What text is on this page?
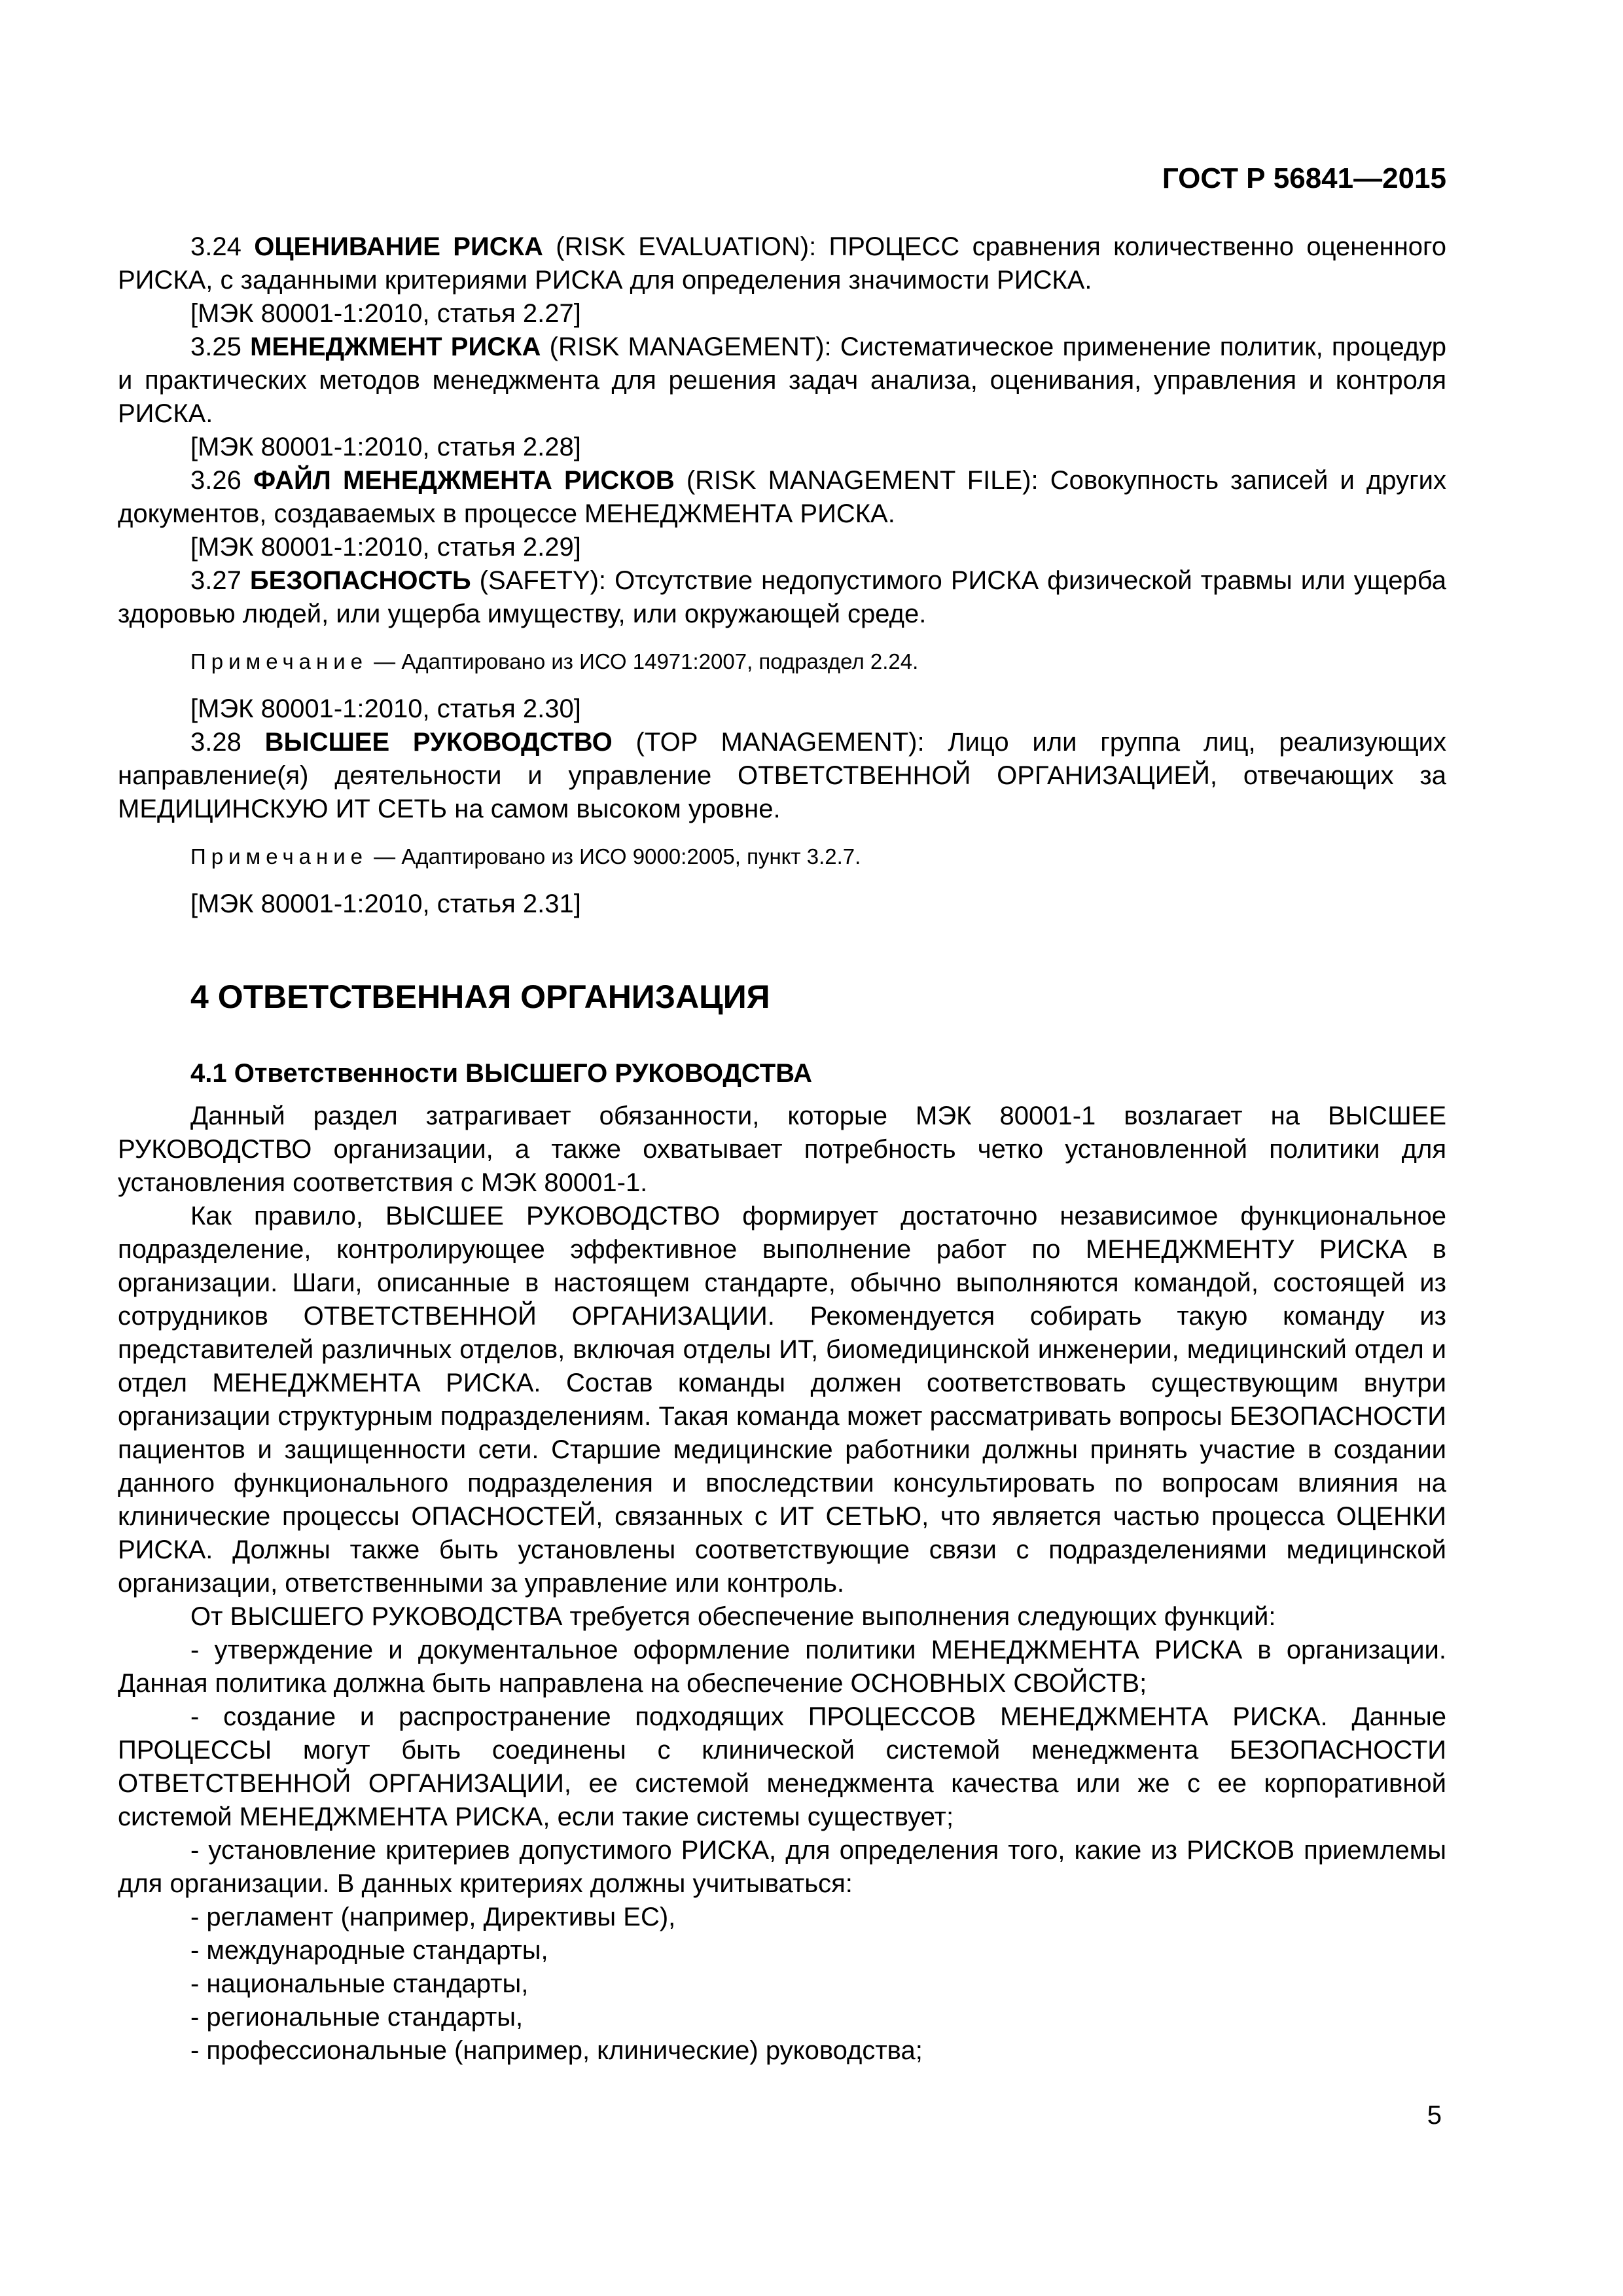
ГОСТ Р 56841—2015

3.24 ОЦЕНИВАНИЕ РИСКА (RISK EVALUATION): ПРОЦЕСС сравнения количественно оцененного РИСКА, с заданными критериями РИСКА для определения значимости РИСКА.

[МЭК 80001-1:2010, статья 2.27]

3.25 МЕНЕДЖМЕНТ РИСКА (RISK MANAGEMENT): Систематическое применение политик, процедур и практических методов менеджмента для решения задач анализа, оценивания, управления и контроля РИСКА.

[МЭК 80001-1:2010, статья 2.28]

3.26 ФАЙЛ МЕНЕДЖМЕНТА РИСКОВ (RISK MANAGEMENT FILE): Совокупность записей и других документов, создаваемых в процессе МЕНЕДЖМЕНТА РИСКА.

[МЭК 80001-1:2010, статья 2.29]

3.27 БЕЗОПАСНОСТЬ (SAFETY): Отсутствие недопустимого РИСКА физической травмы или ущерба здоровью людей, или ущерба имуществу, или окружающей среде.

Примечание — Адаптировано из ИСО 14971:2007, подраздел 2.24.

[МЭК 80001-1:2010, статья 2.30]

3.28 ВЫСШЕЕ РУКОВОДСТВО (TOP MANAGEMENT): Лицо или группа лиц, реализующих направление(я) деятельности и управление ОТВЕТСТВЕННОЙ ОРГАНИЗАЦИЕЙ, отвечающих за МЕДИЦИНСКУЮ ИТ СЕТЬ на самом высоком уровне.

Примечание — Адаптировано из ИСО 9000:2005, пункт 3.2.7.

[МЭК 80001-1:2010, статья 2.31]

4 ОТВЕТСТВЕННАЯ ОРГАНИЗАЦИЯ
4.1 Ответственности ВЫСШЕГО РУКОВОДСТВА

Данный раздел затрагивает обязанности, которые МЭК 80001-1 возлагает на ВЫСШЕЕ РУКОВОДСТВО организации, а также охватывает потребность четко установленной политики для установления соответствия с МЭК 80001-1.

Как правило, ВЫСШЕЕ РУКОВОДСТВО формирует достаточно независимое функциональное подразделение, контролирующее эффективное выполнение работ по МЕНЕДЖМЕНТУ РИСКА в организации. Шаги, описанные в настоящем стандарте, обычно выполняются командой, состоящей из сотрудников ОТВЕТСТВЕННОЙ ОРГАНИЗАЦИИ. Рекомендуется собирать такую команду из представителей различных отделов, включая отделы ИТ, биомедицинской инженерии, медицинский отдел и отдел МЕНЕДЖМЕНТА РИСКА. Состав команды должен соответствовать существующим внутри организации структурным подразделениям. Такая команда может рассматривать вопросы БЕЗОПАСНОСТИ пациентов и защищенности сети. Старшие медицинские работники должны принять участие в создании данного функционального подразделения и впоследствии консультировать по вопросам влияния на клинические процессы ОПАСНОСТЕЙ, связанных с ИТ СЕТЬЮ, что является частью процесса ОЦЕНКИ РИСКА. Должны также быть установлены соответствующие связи с подразделениями медицинской организации, ответственными за управление или контроль.

От ВЫСШЕГО РУКОВОДСТВА требуется обеспечение выполнения следующих функций:

- утверждение и документальное оформление политики МЕНЕДЖМЕНТА РИСКА в организации. Данная политика должна быть направлена на обеспечение ОСНОВНЫХ СВОЙСТВ;

- создание и распространение подходящих ПРОЦЕССОВ МЕНЕДЖМЕНТА РИСКА. Данные ПРОЦЕССЫ могут быть соединены с клинической системой менеджмента БЕЗОПАСНОСТИ ОТВЕТСТВЕННОЙ ОРГАНИЗАЦИИ, ее системой менеджмента качества или же с ее корпоративной системой МЕНЕДЖМЕНТА РИСКА, если такие системы существует;

- установление критериев допустимого РИСКА, для определения того, какие из РИСКОВ приемлемы для организации. В данных критериях должны учитываться:

- регламент (например, Директивы ЕС),

- международные стандарты,

- национальные стандарты,

- региональные стандарты,

- профессиональные (например, клинические) руководства;

5
